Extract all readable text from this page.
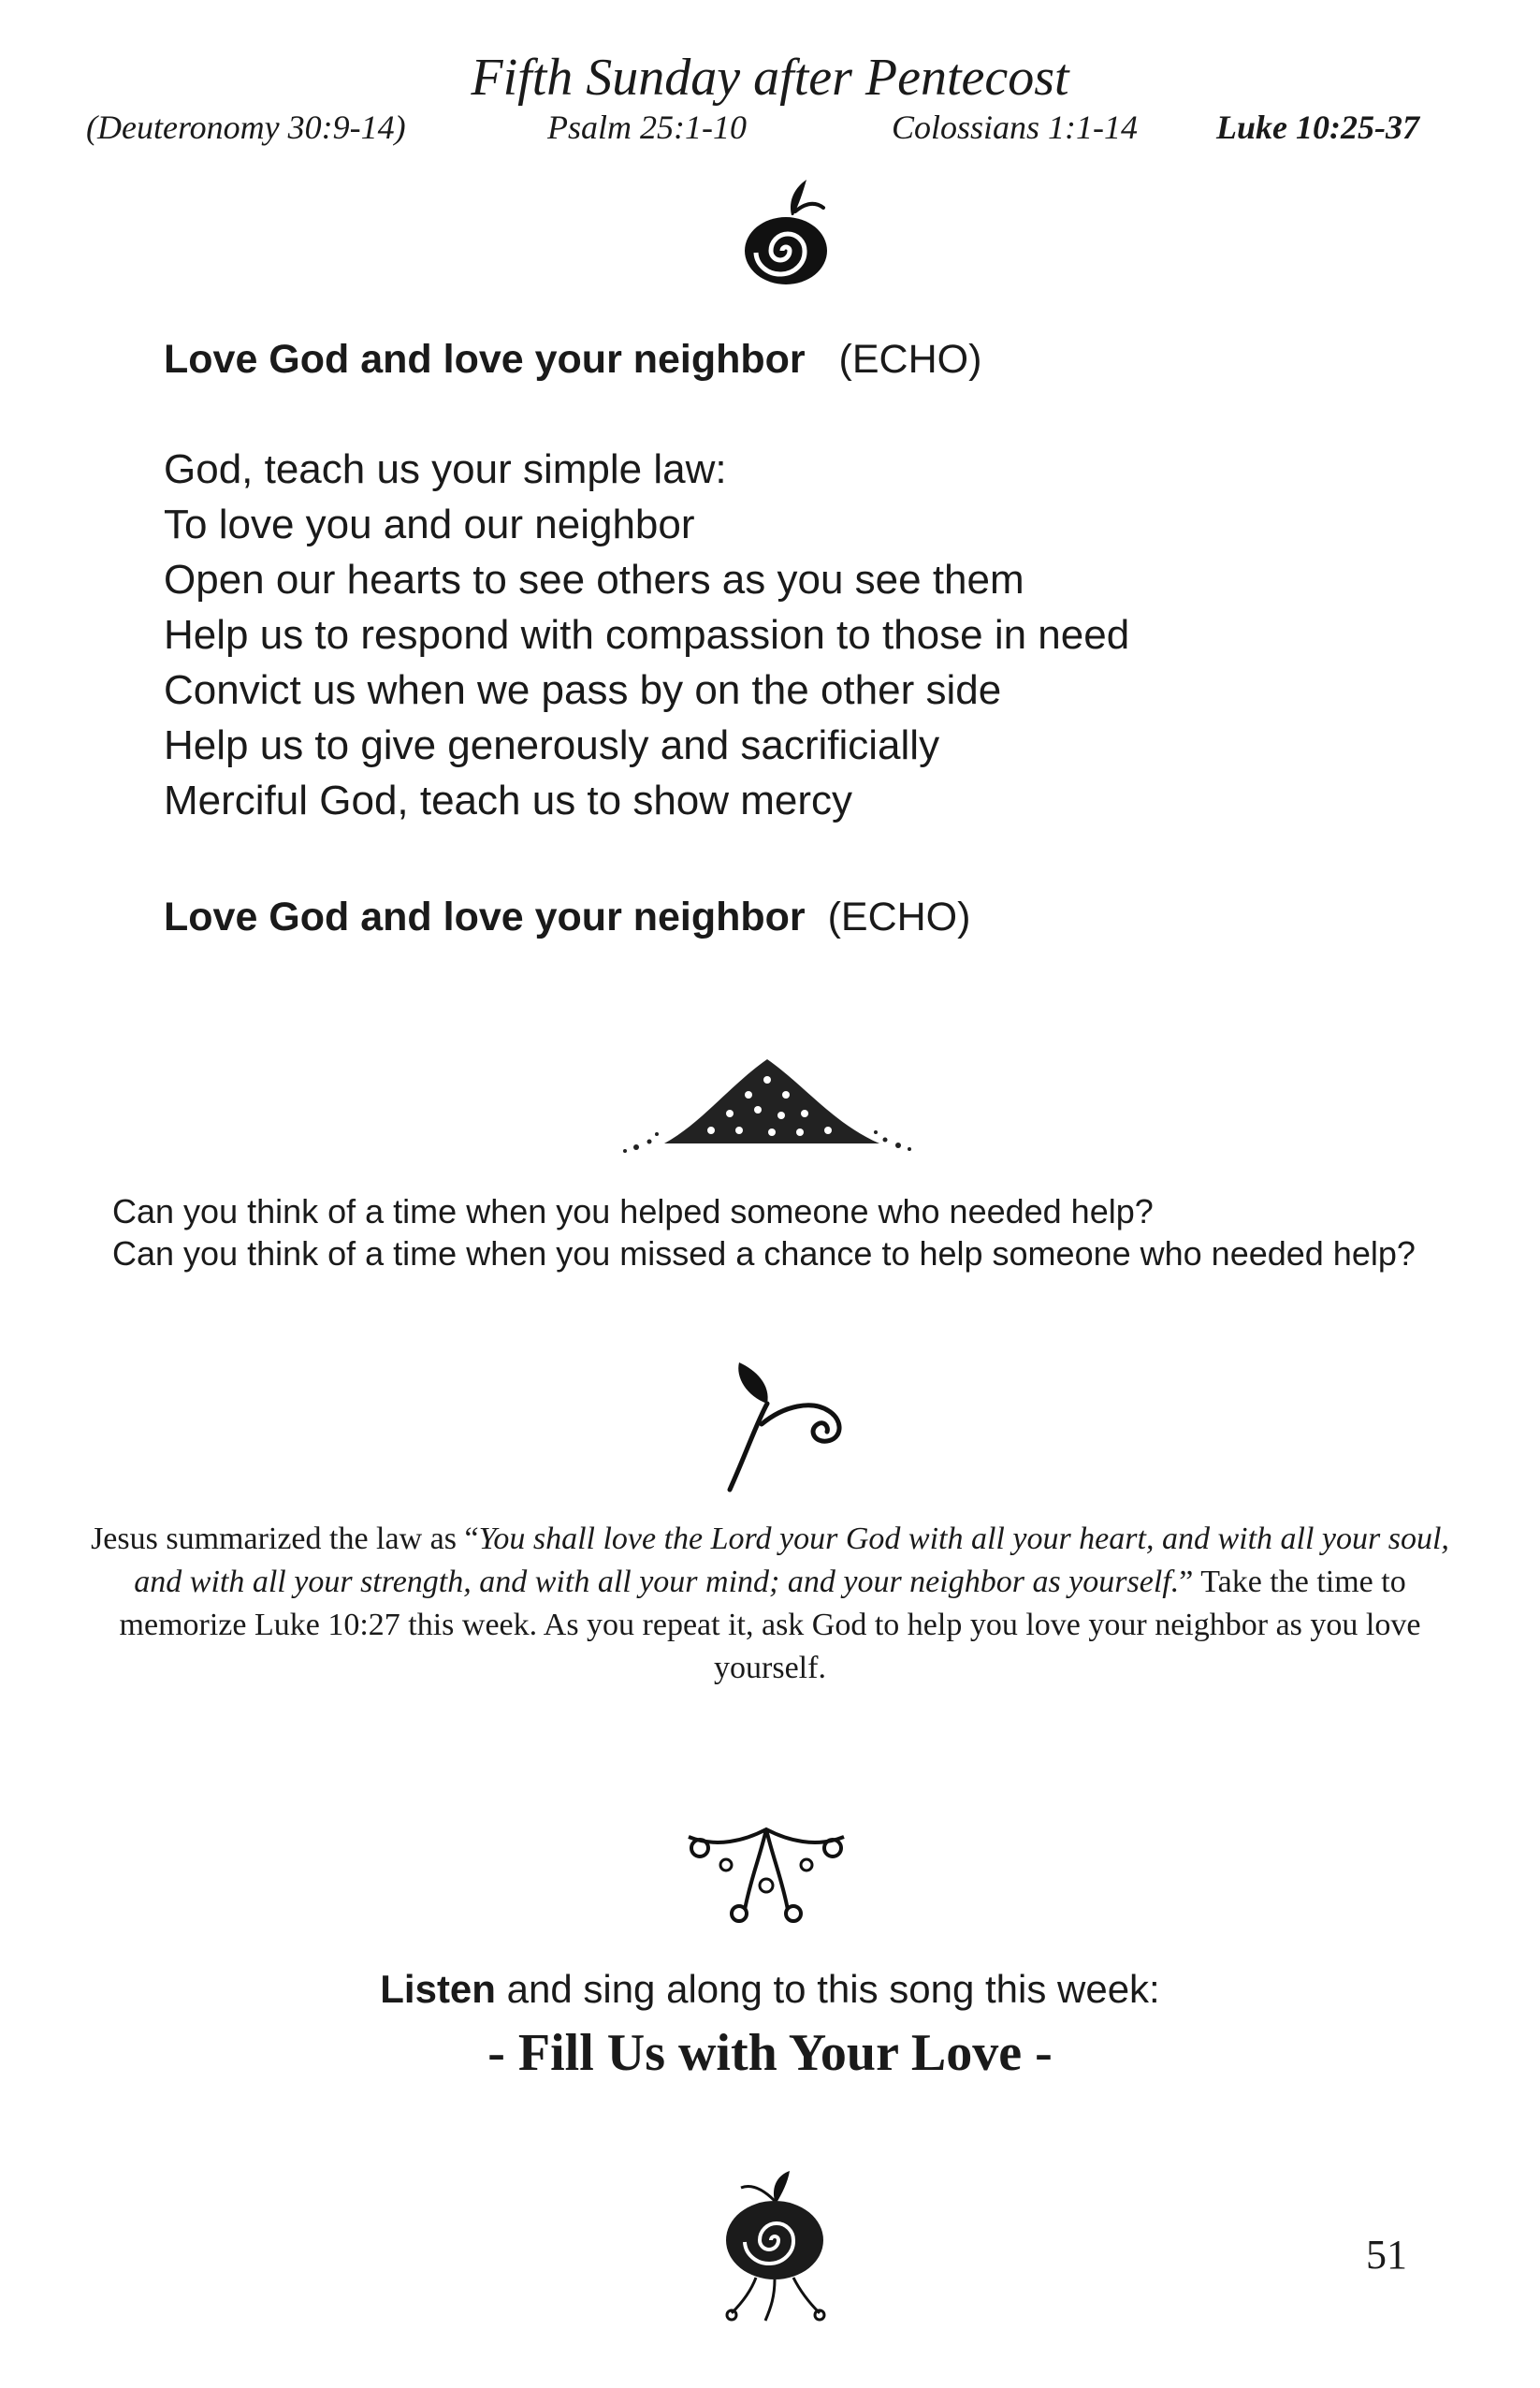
Fifth Sunday after Pentecost
(Deuteronomy 30:9-14)	Psalm 25:1-10	Colossians 1:1-14 Luke 10:25-37
Love God and love your neighbor (ECHO)
God, teach us your simple law:
To love you and our neighbor
Open our hearts to see others as you see them
Help us to respond with compassion to those in need
Convict us when we pass by on the other side
Help us to give generously and sacrificially
Merciful God, teach us to show mercy
Love God and love your neighbor (ECHO)
Can you think of a time when you helped someone who needed help?
Can you think of a time when you missed a chance to help someone who needed help?
Jesus summarized the law as “You shall love the Lord your God with all your heart, and with all your soul, and with all your strength, and with all your mind; and your neighbor as yourself.” Take the time to memorize Luke 10:27 this week. As you repeat it, ask God to help you love your neighbor as you love yourself.
Listen and sing along to this song this week:
- Fill Us with Your Love -
51
